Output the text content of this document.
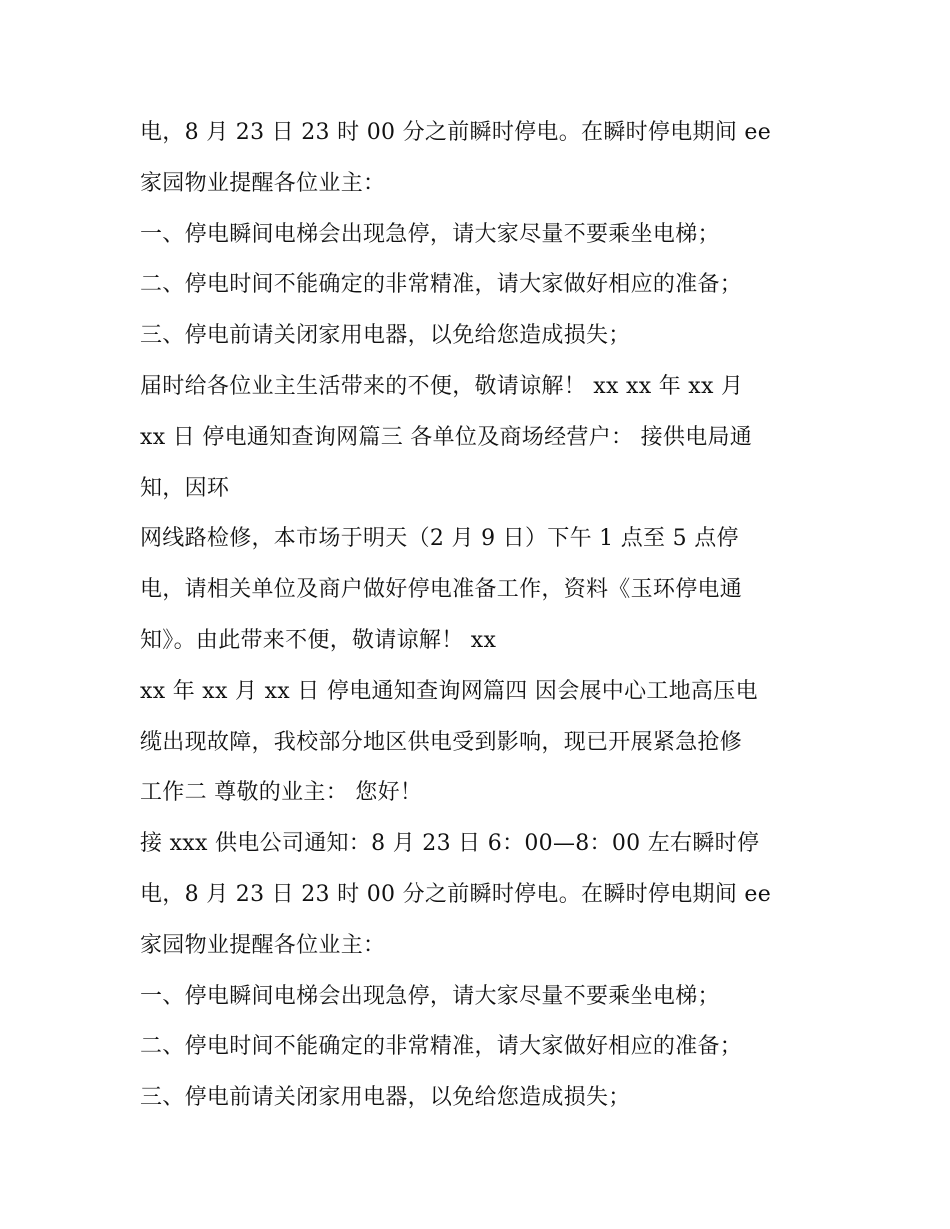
电，8 月 23 日 23 时 00 分之前瞬时停电。在瞬时停电期间 ee
家园物业提醒各位业主：
一、停电瞬间电梯会出现急停，请大家尽量不要乘坐电梯；
二、停电时间不能确定的非常精准，请大家做好相应的准备；
三、停电前请关闭家用电器，以免给您造成损失；
届时给各位业主生活带来的不便，敬请谅解！ xx xx 年 xx 月
xx 日 停电通知查询网篇三 各单位及商场经营户： 接供电局通
知，因环
网线路检修，本市场于明天（2 月 9 日）下午 1 点至 5 点停
电，请相关单位及商户做好停电准备工作，资料《玉环停电通
知》。由此带来不便，敬请谅解！ xx
xx 年 xx 月 xx 日 停电通知查询网篇四 因会展中心工地高压电
缆出现故障，我校部分地区供电受到影响，现已开展紧急抢修
工作二 尊敬的业主： 您好！
接 xxx 供电公司通知：8 月 23 日 6：00—8：00 左右瞬时停
电，8 月 23 日 23 时 00 分之前瞬时停电。在瞬时停电期间 ee
家园物业提醒各位业主：
一、停电瞬间电梯会出现急停，请大家尽量不要乘坐电梯；
二、停电时间不能确定的非常精准，请大家做好相应的准备；
三、停电前请关闭家用电器，以免给您造成损失；
